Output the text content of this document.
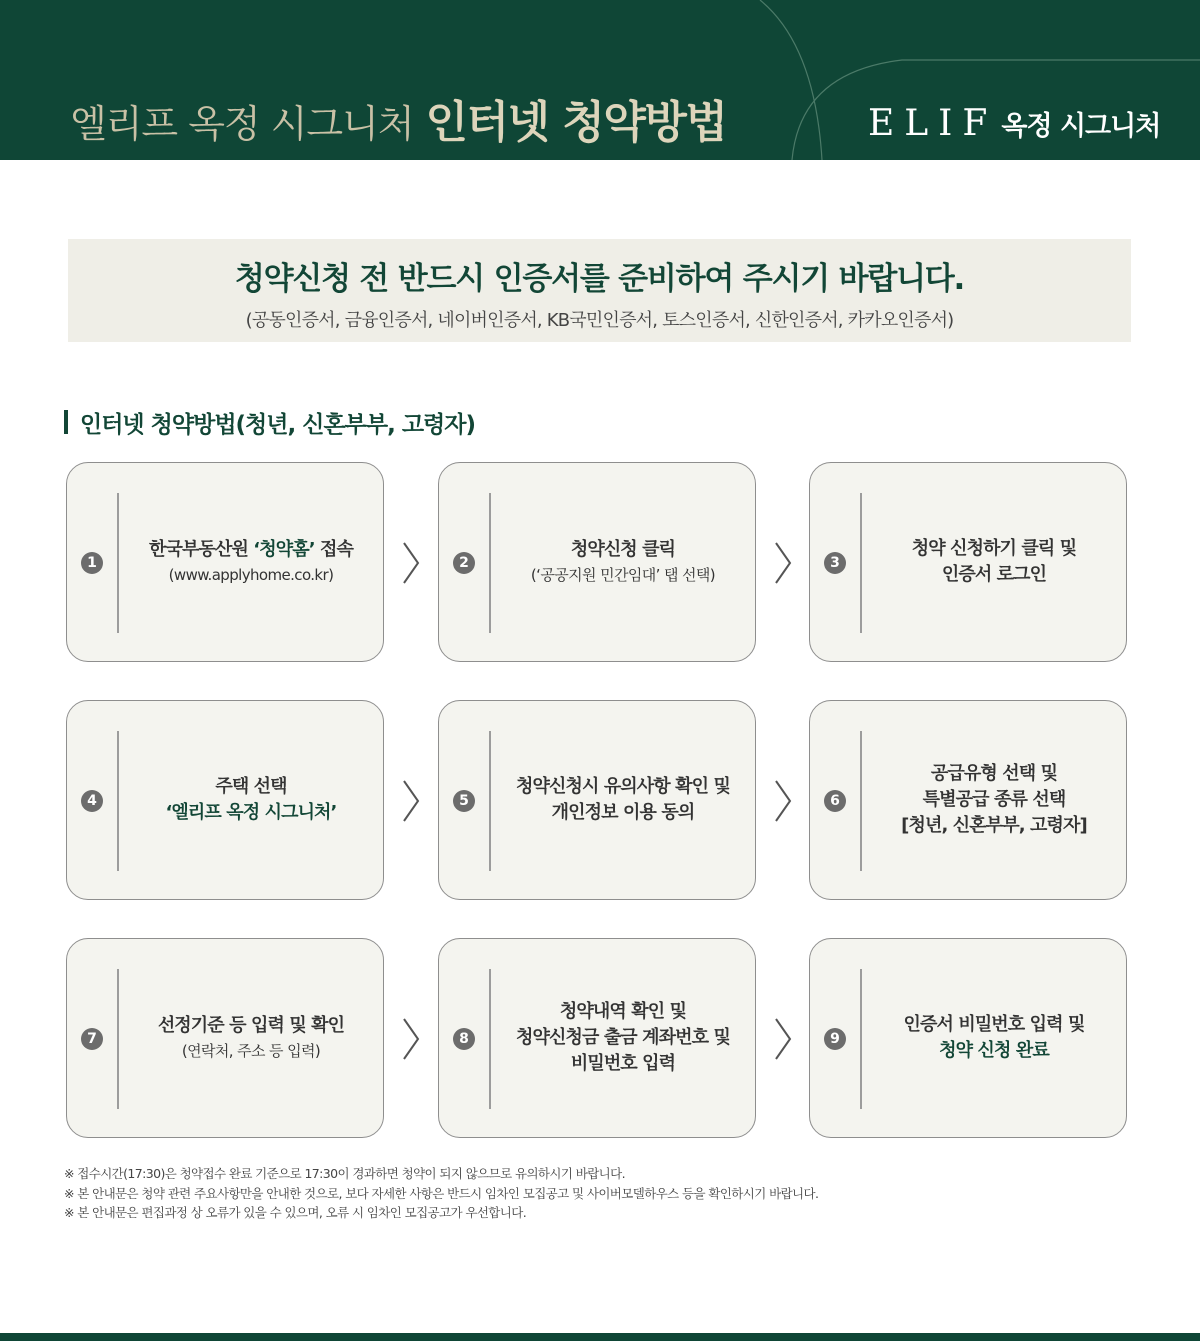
엘리프 옥정 시그니처 인터넷 청약방법	ELIF 옥정 시그니처
청약신청 전 반드시 인증서를 준비하여 주시기 바랍니다.
(공동인증서, 금융인증서, 네이버인증서, KB국민인증서, 토스인증서, 신한인증서, 카카오인증서)
인터넷 청약방법(청년, 신혼부부, 고령자)
1
한국부동산원 ‘청약홈’ 접속
(www.applyhome.co.kr)
2
청약신청 클릭
(‘공공지원 민간임대’ 탭 선택)
3
청약 신청하기 클릭 및
인증서 로그인
4
주택 선택
‘엘리프 옥정 시그니처’
5
청약신청시 유의사항 확인 및
개인정보 이용 동의
6
공급유형 선택 및
특별공급 종류 선택
[청년, 신혼부부, 고령자]
7
선정기준 등 입력 및 확인
(연락처, 주소 등 입력)
8
청약내역 확인 및
청약신청금 출금 계좌번호 및
비밀번호 입력
9
인증서 비밀번호 입력 및
청약 신청 완료
※ 접수시간(17:30)은 청약접수 완료 기준으로 17:30이 경과하면 청약이 되지 않으므로 유의하시기 바랍니다.
※ 본 안내문은 청약 관련 주요사항만을 안내한 것으로, 보다 자세한 사항은 반드시 임차인 모집공고 및 사이버모델하우스 등을 확인하시기 바랍니다.
※ 본 안내문은 편집과정 상 오류가 있을 수 있으며, 오류 시 임차인 모집공고가 우선합니다.
